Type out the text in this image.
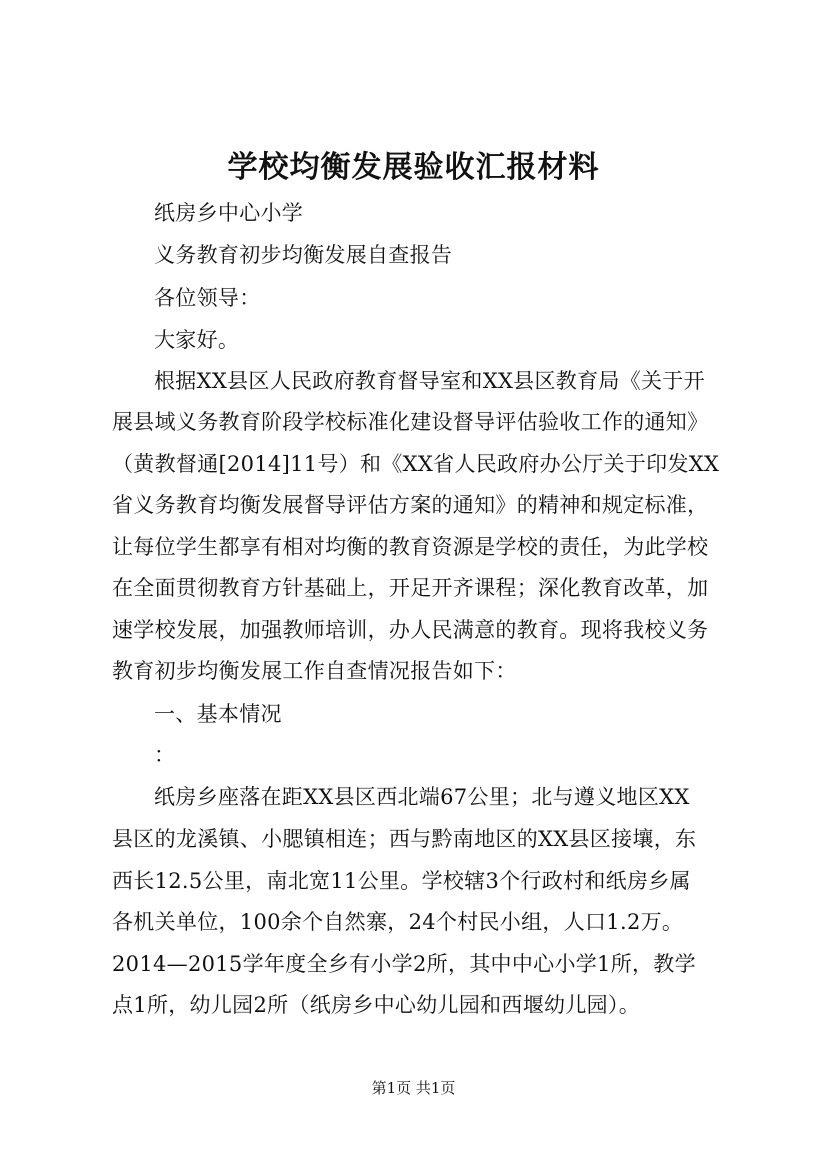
学校均衡发展验收汇报材料
纸房乡中心小学
义务教育初步均衡发展自查报告
各位领导：
大家好。
根据XX县区人民政府教育督导室和XX县区教育局《关于开
展县域义务教育阶段学校标准化建设督导评估验收工作的通知》
（黄教督通[2014]11号）和《XX省人民政府办公厅关于印发XX
省义务教育均衡发展督导评估方案的通知》的精神和规定标准，
让每位学生都享有相对均衡的教育资源是学校的责任，为此学校
在全面贯彻教育方针基础上，开足开齐课程；深化教育改革，加
速学校发展，加强教师培训，办人民满意的教育。现将我校义务
教育初步均衡发展工作自查情况报告如下：
一、基本情况
：
纸房乡座落在距XX县区西北端67公里；北与遵义地区XX
县区的龙溪镇、小腮镇相连；西与黔南地区的XX县区接壤，东
西长12.5公里，南北宽11公里。学校辖3个行政村和纸房乡属
各机关单位，100余个自然寨，24个村民小组，人口1.2万。
2014—2015学年度全乡有小学2所，其中中心小学1所，教学
点1所，幼儿园2所（纸房乡中心幼儿园和西堰幼儿园）。
第1页 共1页
